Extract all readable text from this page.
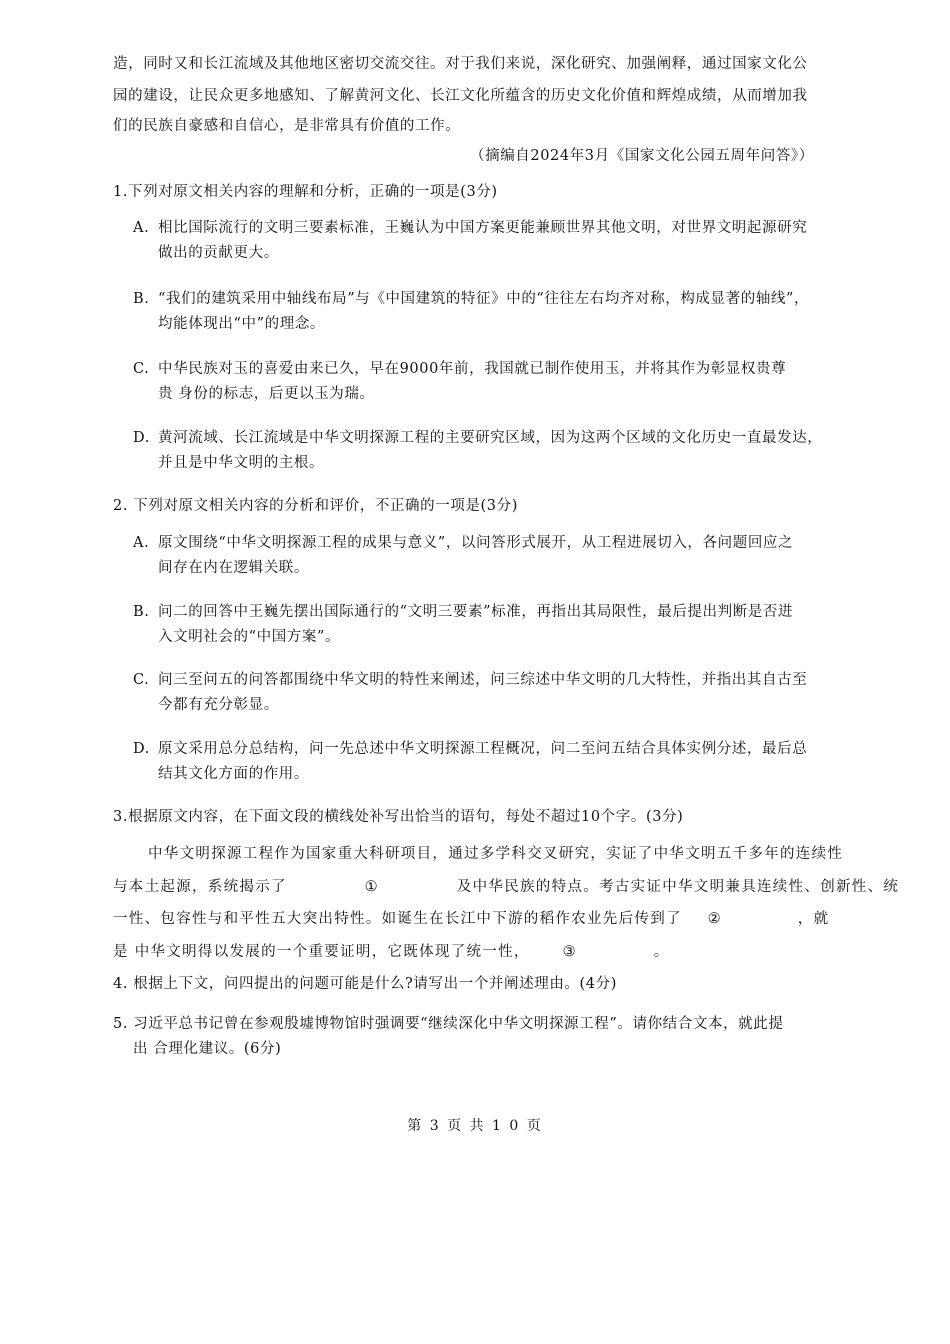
造，同时又和长江流域及其他地区密切交流交往。对于我们来说，深化研究、加强阐释，通过国家文化公
园的建设，让民众更多地感知、了解黄河文化、长江文化所蕴含的历史文化价值和辉煌成绩，从而增加我
们的民族自豪感和自信心，是非常具有价值的工作。
（摘编自2024年3月《国家文化公园五周年问答》）
1.下列对原文相关内容的理解和分析，正确的一项是(3分)
A. 相比国际流行的文明三要素标准，王巍认为中国方案更能兼顾世界其他文明，对世界文明起源研究
做出的贡献更大。
B. “我们的建筑采用中轴线布局”与《中国建筑的特征》中的“往往左右均齐对称，构成显著的轴线”，
均能体现出“中”的理念。
C. 中华民族对玉的喜爱由来已久，早在9000年前，我国就已制作使用玉，并将其作为彰显权贵尊
贵 身份的标志，后更以玉为瑞。
D. 黄河流域、长江流域是中华文明探源工程的主要研究区域，因为这两个区域的文化历史一直最发达，
并且是中华文明的主根。
2. 下列对原文相关内容的分析和评价，不正确的一项是(3分)
A. 原文围绕“中华文明探源工程的成果与意义”，以问答形式展开，从工程进展切入，各问题回应之
间存在内在逻辑关联。
B. 问二的回答中王巍先摆出国际通行的“文明三要素”标准，再指出其局限性，最后提出判断是否进
入文明社会的“中国方案”。
C. 问三至问五的问答都围绕中华文明的特性来阐述，问三综述中华文明的几大特性，并指出其自古至
今都有充分彰显。
D. 原文采用总分总结构，问一先总述中华文明探源工程概况，问二至问五结合具体实例分述，最后总
结其文化方面的作用。
3.根据原文内容，在下面文段的横线处补写出恰当的语句，每处不超过10个字。(3分)
中华文明探源工程作为国家重大科研项目，通过多学科交叉研究，实证了中华文明五千多年的连续性
与本土起源，系统揭示了	①	及中华民族的特点。考古实证中华文明兼具连续性、创新性、统
一性、包容性与和平性五大突出特性。如诞生在长江中下游的稻作农业先后传到了 ②	，就
是 中华文明得以发展的一个重要证明，它既体现了统一性， ③	。
4. 根据上下文，问四提出的问题可能是什么?请写出一个并阐述理由。(4分)
5. 习近平总书记曾在参观殷墟博物馆时强调要“继续深化中华文明探源工程”。请你结合文本，就此提
出 合理化建议。(6分)
第 3 页 共 1 0 页
